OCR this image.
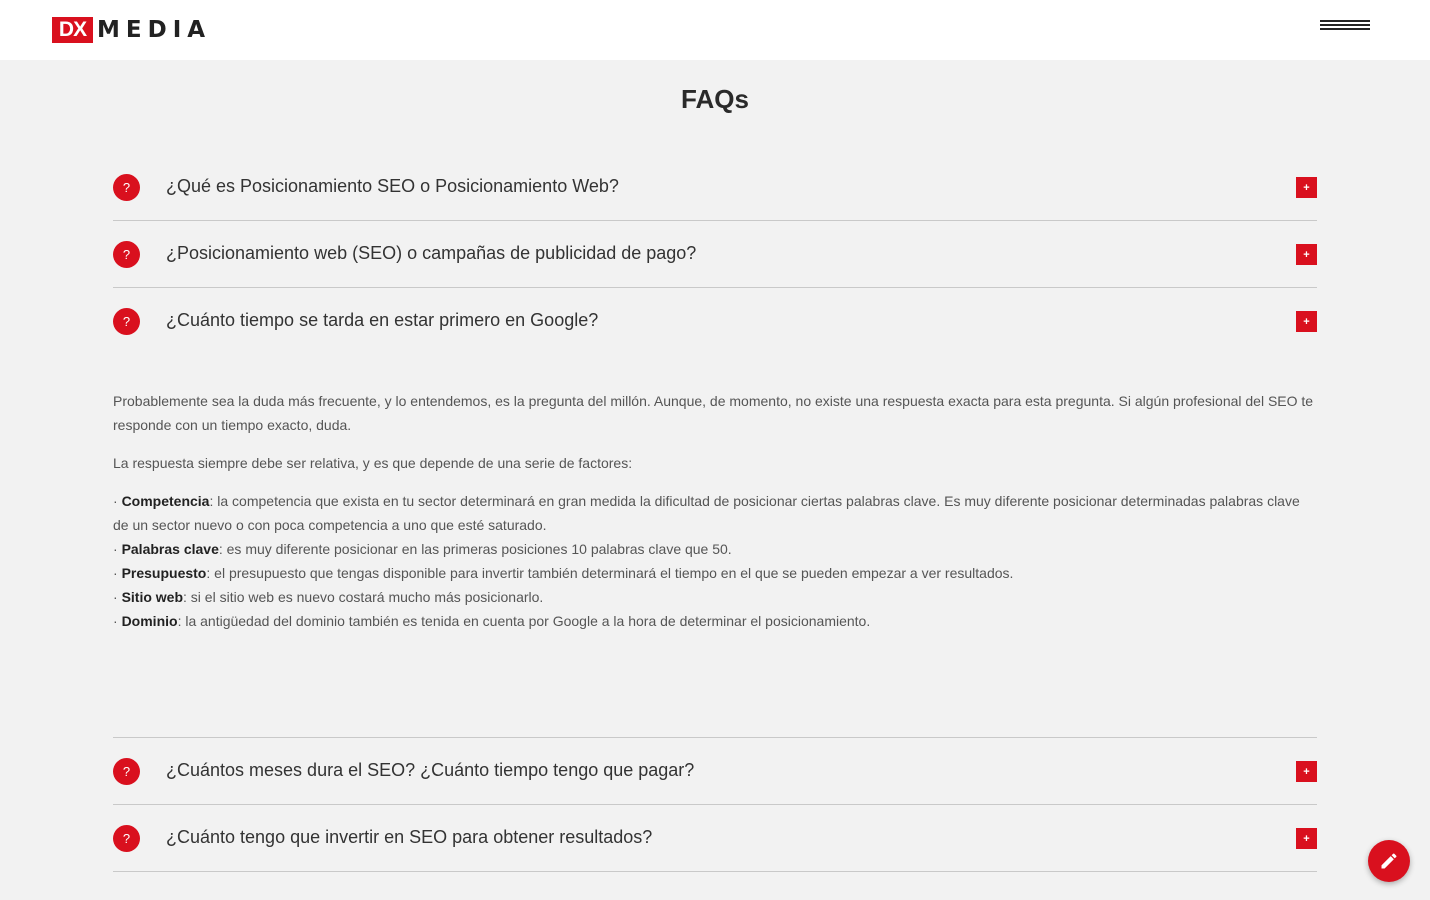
DX MEDIA
FAQs
?	¿Qué es Posicionamiento SEO o Posicionamiento Web?	+
?	¿Posicionamiento web (SEO) o campañas de publicidad de pago?	+
?	¿Cuánto tiempo se tarda en estar primero en Google?	+

Probablemente sea la duda más frecuente, y lo entendemos, es la pregunta del millón. Aunque, de momento, no existe una respuesta exacta para esta pregunta. Si algún profesional del SEO te responde con un tiempo exacto, duda.

La respuesta siempre debe ser relativa, y es que depende de una serie de factores:

· Competencia: la competencia que exista en tu sector determinará en gran medida la dificultad de posicionar ciertas palabras clave. Es muy diferente posicionar determinadas palabras clave de un sector nuevo o con poca competencia a uno que esté saturado.
· Palabras clave: es muy diferente posicionar en las primeras posiciones 10 palabras clave que 50.
· Presupuesto: el presupuesto que tengas disponible para invertir también determinará el tiempo en el que se pueden empezar a ver resultados.
· Sitio web: si el sitio web es nuevo costará mucho más posicionarlo.
· Dominio: la antigüedad del dominio también es tenida en cuenta por Google a la hora de determinar el posicionamiento.
?	¿Cuántos meses dura el SEO? ¿Cuánto tiempo tengo que pagar?	+
?	¿Cuánto tengo que invertir en SEO para obtener resultados?	+
